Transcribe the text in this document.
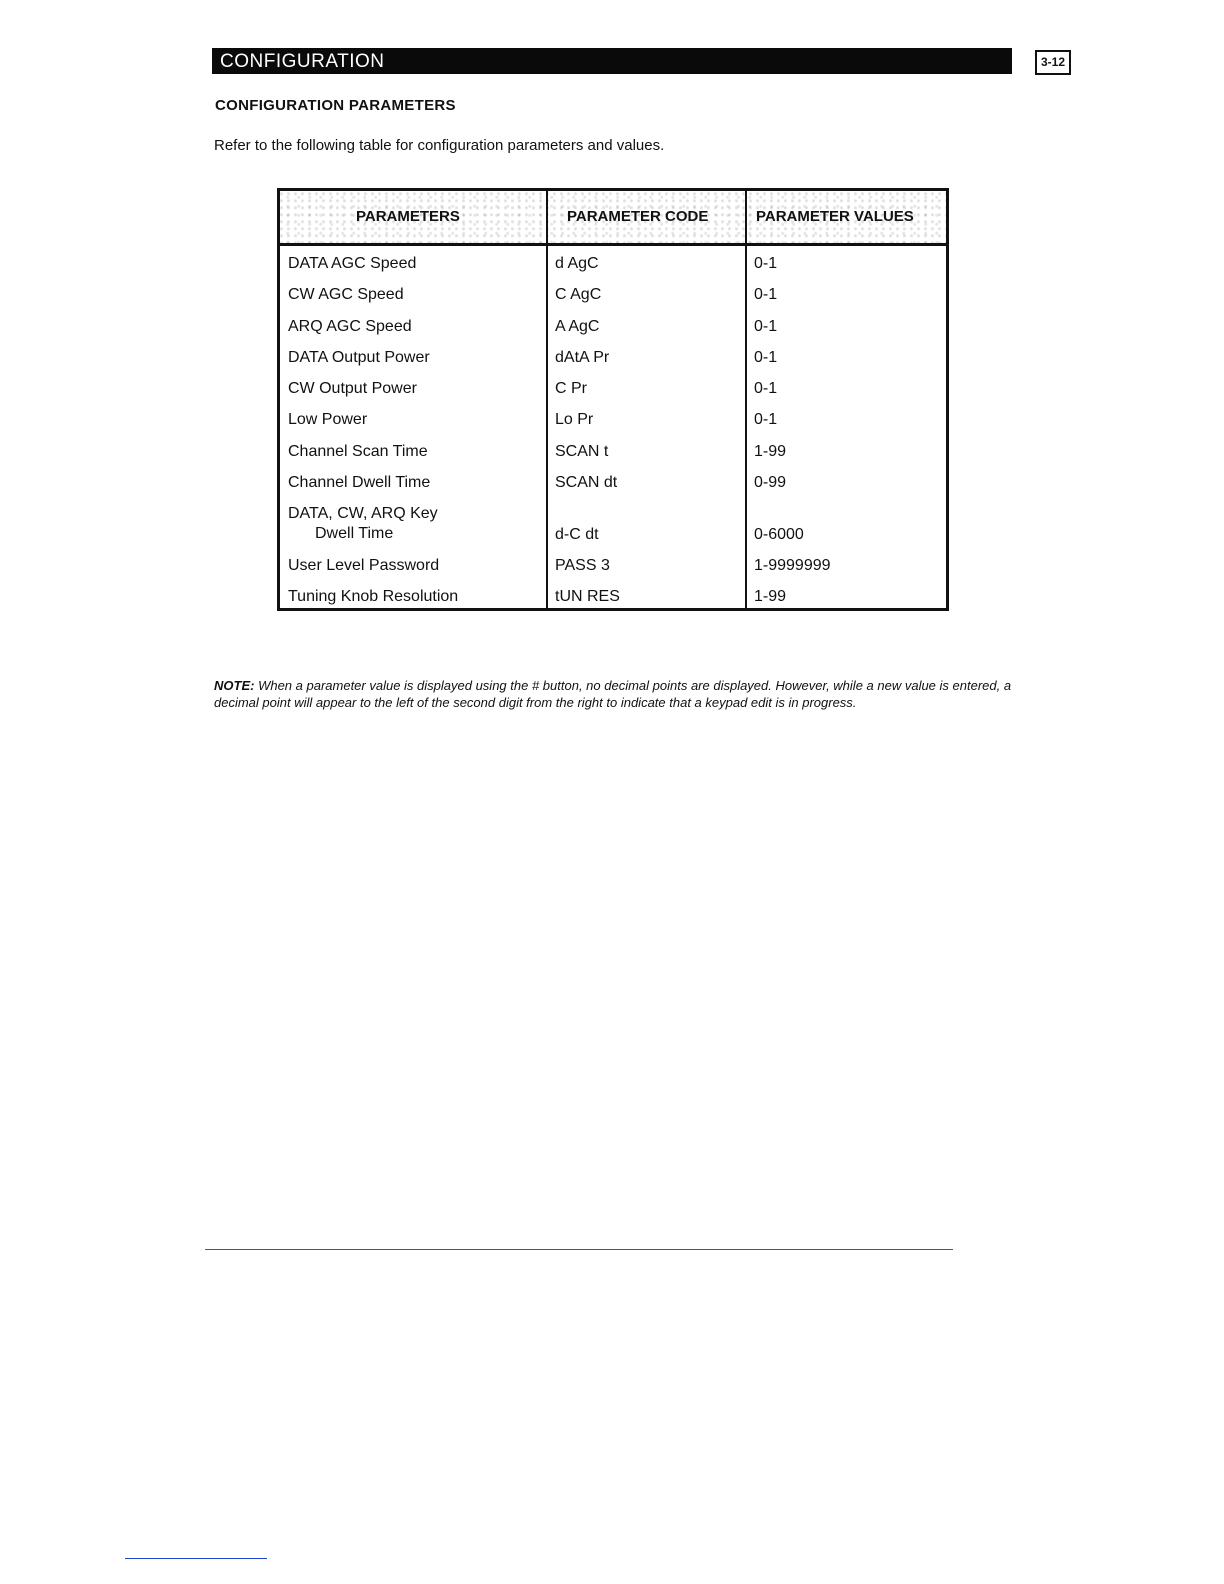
CONFIGURATION	3-12
CONFIGURATION PARAMETERS
Refer to the following table for configuration parameters and values.
PARAMETERS	PARAMETER CODE	PARAMETER VALUES
DATA AGC Speed	d AgC	0-1
CW AGC Speed	C AgC	0-1
ARQ AGC Speed	A AgC	0-1
DATA Output Power	dAtA Pr	0-1
CW Output Power	C Pr	0-1
Low Power	Lo Pr	0-1
Channel Scan Time	SCAN t	1-99
Channel Dwell Time	SCAN dt	0-99
DATA, CW, ARQ Key
Dwell Time	d-C dt	0-6000
User Level Password	PASS 3	1-9999999
Tuning Knob Resolution	tUN RES	1-99
NOTE: When a parameter value is displayed using the # button, no decimal points are displayed. However, while a new value is entered, a decimal point will appear to the left of the second digit from the right to indicate that a keypad edit is in progress.
